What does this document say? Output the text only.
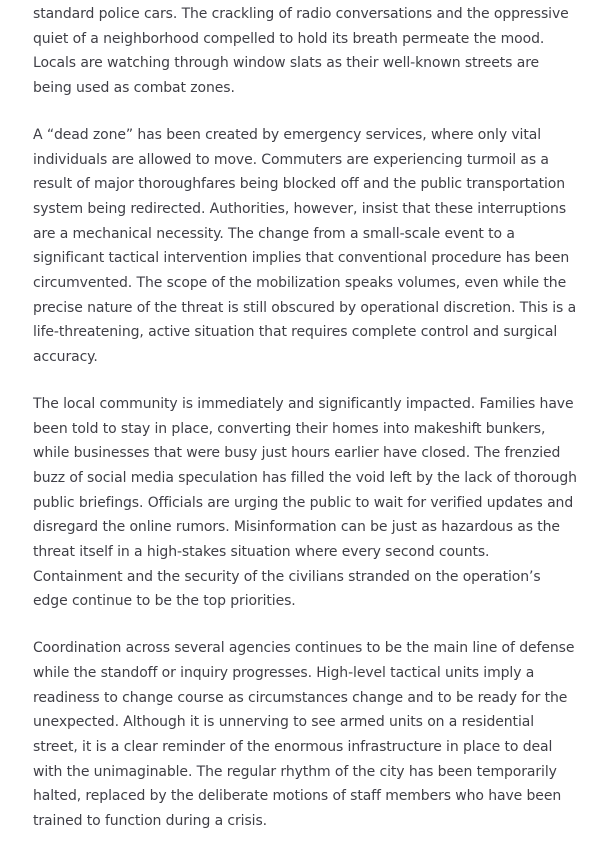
standard police cars. The crackling of radio conversations and the oppressive quiet of a neighborhood compelled to hold its breath permeate the mood. Locals are watching through window slats as their well-known streets are being used as combat zones.

A “dead zone” has been created by emergency services, where only vital individuals are allowed to move. Commuters are experiencing turmoil as a result of major thoroughfares being blocked off and the public transportation system being redirected. Authorities, however, insist that these interruptions are a mechanical necessity. The change from a small-scale event to a significant tactical intervention implies that conventional procedure has been circumvented. The scope of the mobilization speaks volumes, even while the precise nature of the threat is still obscured by operational discretion. This is a life-threatening, active situation that requires complete control and surgical accuracy.

The local community is immediately and significantly impacted. Families have been told to stay in place, converting their homes into makeshift bunkers, while businesses that were busy just hours earlier have closed. The frenzied buzz of social media speculation has filled the void left by the lack of thorough public briefings. Officials are urging the public to wait for verified updates and disregard the online rumors. Misinformation can be just as hazardous as the threat itself in a high-stakes situation where every second counts. Containment and the security of the civilians stranded on the operation’s edge continue to be the top priorities.

Coordination across several agencies continues to be the main line of defense while the standoff or inquiry progresses. High-level tactical units imply a readiness to change course as circumstances change and to be ready for the unexpected. Although it is unnerving to see armed units on a residential street, it is a clear reminder of the enormous infrastructure in place to deal with the unimaginable. The regular rhythm of the city has been temporarily halted, replaced by the deliberate motions of staff members who have been trained to function during a crisis.
